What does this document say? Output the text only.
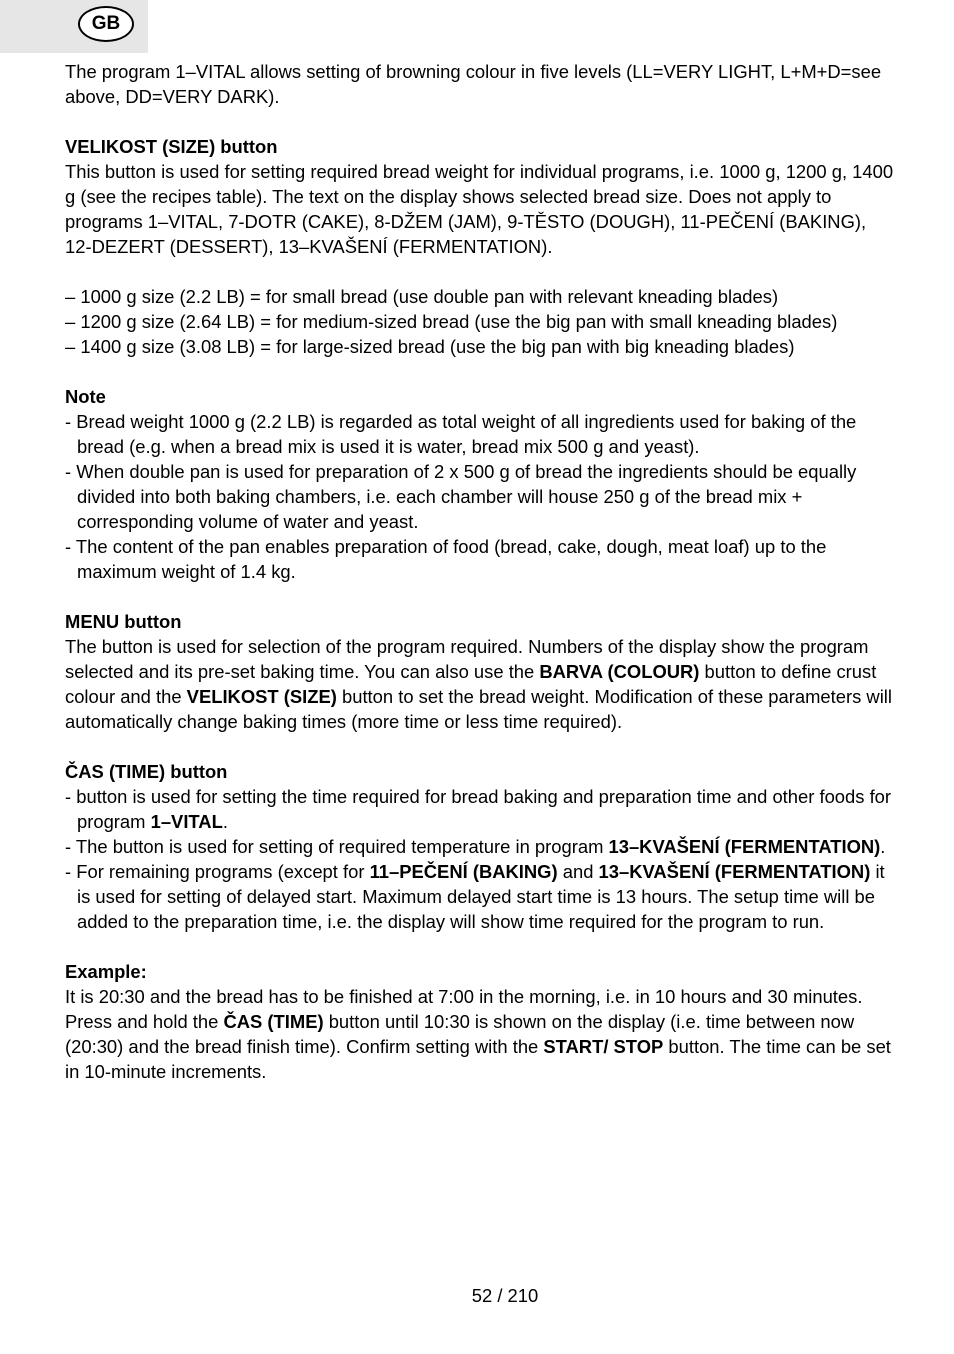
GB

The program 1–VITAL allows setting of browning colour in five levels (LL=VERY LIGHT, L+M+D=see above, DD=VERY DARK).

VELIKOST (SIZE) button

This button is used for setting required bread weight for individual programs, i.e. 1000 g, 1200 g, 1400 g (see the recipes table). The text on the display shows selected bread size. Does not apply to programs 1–VITAL, 7-DOTR (CAKE), 8-DŽEM (JAM), 9-TĚSTO (DOUGH), 11-PEČENÍ (BAKING), 12-DEZERT (DESSERT), 13–KVAŠENÍ (FERMENTATION).

– 1000 g size (2.2 LB) = for small bread (use double pan with relevant kneading blades)
– 1200 g size (2.64 LB) = for medium-sized bread (use the big pan with small kneading blades)
– 1400 g size (3.08 LB) = for large-sized bread (use the big pan with big kneading blades)

Note

- Bread weight 1000 g (2.2 LB) is regarded as total weight of all ingredients used for baking of the bread (e.g. when a bread mix is used it is water, bread mix 500 g and yeast).

- When double pan is used for preparation of 2 x 500 g of bread the ingredients should be equally divided into both baking chambers, i.e. each chamber will house 250 g of the bread mix + corresponding volume of water and yeast.

- The content of the pan enables preparation of food (bread, cake, dough, meat loaf) up to the maximum weight of 1.4 kg.

MENU button

The button is used for selection of the program required. Numbers of the display show the program selected and its pre-set baking time. You can also use the BARVA (COLOUR) button to define crust colour and the VELIKOST (SIZE) button to set the bread weight. Modification of these parameters will automatically change baking times (more time or less time required).

ČAS (TIME) button

- button is used for setting the time required for bread baking and preparation time and other foods for program 1–VITAL.

- The button is used for setting of required temperature in program 13–KVAŠENÍ (FERMENTATION).

- For remaining programs (except for 11–PEČENÍ (BAKING) and 13–KVAŠENÍ (FERMENTATION) it is used for setting of delayed start. Maximum delayed start time is 13 hours. The setup time will be added to the preparation time, i.e. the display will show time required for the program to run.

Example:

It is 20:30 and the bread has to be finished at 7:00 in the morning, i.e. in 10 hours and 30 minutes. Press and hold the ČAS (TIME) button until 10:30 is shown on the display (i.e. time between now (20:30) and the bread finish time). Confirm setting with the START/ STOP button. The time can be set in 10-minute increments.

52 / 210
